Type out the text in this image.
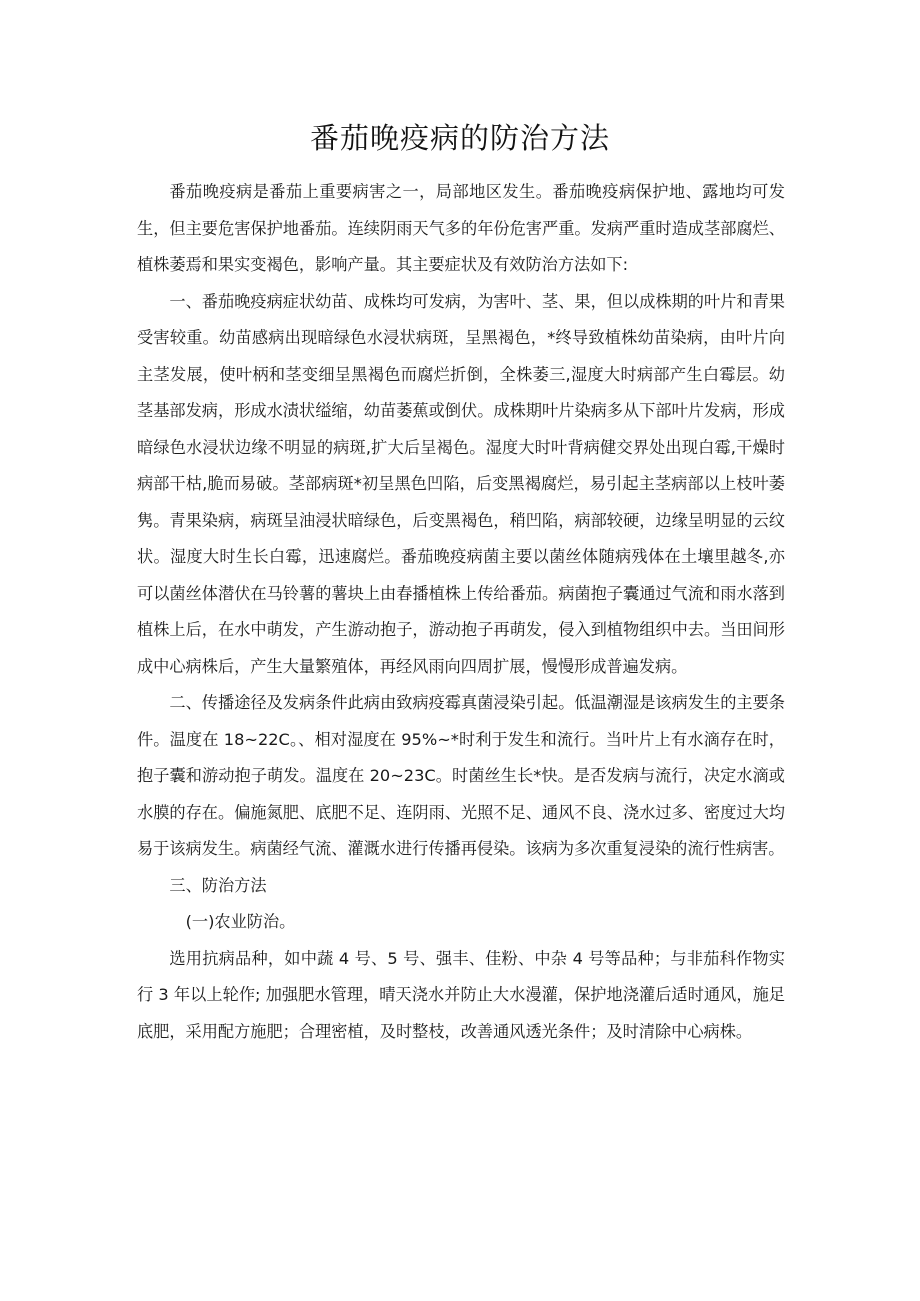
番茄晚疫病的防治方法

番茄晚疫病是番茄上重要病害之一，局部地区发生。番茄晚疫病保护地、露地均可发生，但主要危害保护地番茄。连续阴雨天气多的年份危害严重。发病严重时造成茎部腐烂、植株萎焉和果实变褐色，影响产量。其主要症状及有效防治方法如下:

一、番茄晚疫病症状幼苗、成株均可发病，为害叶、茎、果，但以成株期的叶片和青果受害较重。幼苗感病出现暗绿色水浸状病斑，呈黑褐色，*终导致植株幼苗染病，由叶片向主茎发展，使叶柄和茎变细呈黑褐色而腐烂折倒，全株萎三,湿度大时病部产生白霉层。幼茎基部发病，形成水渍状缢缩，幼苗萎蕉或倒伏。成株期叶片染病多从下部叶片发病，形成暗绿色水浸状边缘不明显的病斑,扩大后呈褐色。湿度大时叶背病健交界处出现白霉,干燥时病部干枯,脆而易破。茎部病斑*初呈黑色凹陷，后变黑褐腐烂，易引起主茎病部以上枝叶萎隽。青果染病，病斑呈油浸状暗绿色，后变黑褐色，稍凹陷，病部较硬，边缘呈明显的云纹状。湿度大时生长白霉，迅速腐烂。番茄晚疫病菌主要以菌丝体随病残体在土壤里越冬,亦可以菌丝体潜伏在马铃薯的薯块上由春播植株上传给番茄。病菌抱子囊通过气流和雨水落到植株上后，在水中萌发，产生游动抱子，游动抱子再萌发，侵入到植物组织中去。当田间形成中心病株后，产生大量繁殖体，再经风雨向四周扩展，慢慢形成普遍发病。

二、传播途径及发病条件此病由致病疫霉真菌浸染引起。低温潮湿是该病发生的主要条件。温度在 18~22C。、相对湿度在 95%~*时利于发生和流行。当叶片上有水滴存在时，抱子囊和游动抱子萌发。温度在 20~23C。时菌丝生长*快。是否发病与流行，决定水滴或水膜的存在。偏施氮肥、底肥不足、连阴雨、光照不足、通风不良、浇水过多、密度过大均易于该病发生。病菌经气流、灌溉水进行传播再侵染。该病为多次重复浸染的流行性病害。

三、防治方法

(一)农业防治。

选用抗病品种，如中蔬 4 号、5 号、强丰、佳粉、中杂 4 号等品种；与非茄科作物实行 3 年以上轮作; 加强肥水管理，晴天浇水并防止大水漫灌，保护地浇灌后适时通风，施足底肥，采用配方施肥；合理密植，及时整枝，改善通风透光条件；及时清除中心病株。
